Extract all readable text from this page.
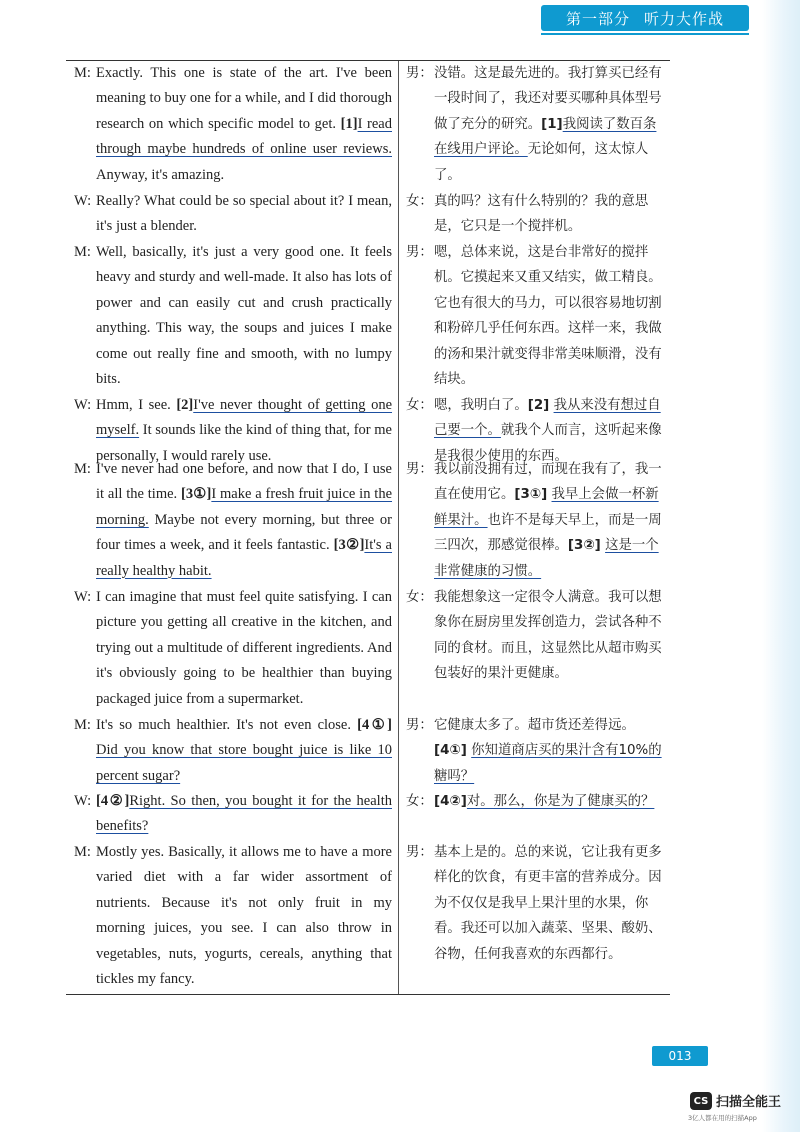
第一部分 听力大作战

M: Exactly. This one is state of the art. I've been meaning to buy one for a while, and I did thorough research on which specific model to get. [1]I read through maybe hundreds of online user reviews. Anyway, it's amazing.

W: Really? What could be so special about it? I mean, it's just a blender.

M: Well, basically, it's just a very good one. It feels heavy and sturdy and well-made. It also has lots of power and can easily cut and crush practically anything. This way, the soups and juices I make come out really fine and smooth, with no lumpy bits.

W: Hmm, I see. [2]I've never thought of getting one myself. It sounds like the kind of thing that, for me personally, I would rarely use.

M: I've never had one before, and now that I do, I use it all the time. [3①]I make a fresh fruit juice in the morning. Maybe not every morning, but three or four times a week, and it feels fantastic. [3②]It's a really healthy habit.

W: I can imagine that must feel quite satisfying. I can picture you getting all creative in the kitchen, and trying out a multitude of different ingredients. And it's obviously going to be healthier than buying packaged juice from a supermarket.

M: It's so much healthier. It's not even close. [4①] Did you know that store bought juice is like 10 percent sugar?

W: [4②]Right. So then, you bought it for the health benefits?

M: Mostly yes. Basically, it allows me to have a more varied diet with a far wider assortment of nutrients. Because it's not only fruit in my morning juices, you see. I can also throw in vegetables, nuts, yogurts, cereals, anything that tickles my fancy.

男： 没错。这是最先进的。我打算买已经有一段时间了，我还对要买哪种具体型号做了充分的研究。[1]我阅读了数百条在线用户评论。无论如何，这太惊人了。

女： 真的吗？这有什么特别的？我的意思是，它只是一个搅拌机。

男： 嗯，总体来说，这是台非常好的搅拌机。它摸起来又重又结实，做工精良。它也有很大的马力，可以很容易地切割和粉碎几乎任何东西。这样一来，我做的汤和果汁就变得非常美味顺滑，没有结块。

女： 嗯，我明白了。[2] 我从来没有想过自己要一个。就我个人而言，这听起来像是我很少使用的东西。

男： 我以前没拥有过，而现在我有了，我一直在使用它。[3①] 我早上会做一杯新鲜果汁。也许不是每天早上，而是一周三四次，那感觉很棒。[3②] 这是一个非常健康的习惯。

女： 我能想象这一定很令人满意。我可以想象你在厨房里发挥创造力，尝试各种不同的食材。而且，这显然比从超市购买包装好的果汁更健康。

男： 它健康太多了。超市货还差得远。[4①] 你知道商店买的果汁含有10%的糖吗？

女： [4②]对。那么，你是为了健康买的？

男： 基本上是的。总的来说，它让我有更多样化的饮食，有更丰富的营养成分。因为不仅仅是我早上果汁里的水果，你看。我还可以加入蔬菜、坚果、酸奶、谷物，任何我喜欢的东西都行。

013
CS 扫描全能王
3亿人都在用的扫描App
